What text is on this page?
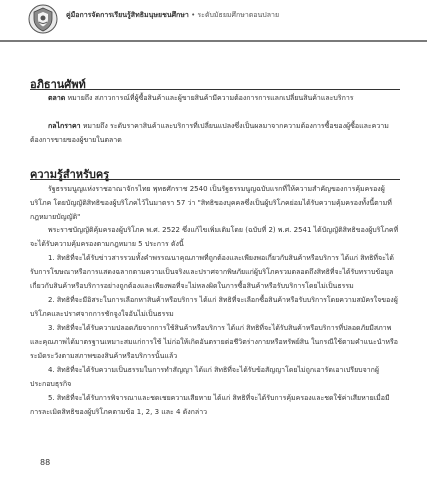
คู่มือการจัดการเรียนรู้สิทธิมนุษยชนศึกษา • ระดับมัธยมศึกษาตอนปลาย
อภิธานศัพท์
ตลาด หมายถึง สภาวการณ์ที่ผู้ซื้อสินค้าและผู้ขายสินค้ามีความต้องการการแลกเปลี่ยนสินค้าและบริการ
กลไกราคา หมายถึง ระดับราคาสินค้าและบริการที่เปลี่ยนแปลงซึ่งเป็นผลมาจากความต้องการซื้อของผู้ซื้อและความต้องการขายของผู้ขายในตลาด
ความรู้สำหรับครู
รัฐธรรมนูญแห่งราชอาณาจักรไทย พุทธศักราช 2540 เป็นรัฐธรรมนูญฉบับแรกที่ให้ความสำคัญของการคุ้มครองผู้บริโภค โดยบัญญัติสิทธิของผู้บริโภคไว้ในมาตรา 57 ว่า "สิทธิของบุคคลซึ่งเป็นผู้บริโภคย่อมได้รับความคุ้มครองทั้งนี้ตามที่กฎหมายบัญญัติ"
พระราชบัญญัติคุ้มครองผู้บริโภค พ.ศ. 2522 ซึ่งแก้ไขเพิ่มเติมโดย (ฉบับที่ 2) พ.ศ. 2541 ได้บัญญัติสิทธิของผู้บริโภคที่จะได้รับความคุ้มครองตามกฎหมาย 5 ประการ ดังนี้
1. สิทธิที่จะได้รับข่าวสารรวมทั้งคำพรรณนาคุณภาพที่ถูกต้องและเพียงพอเกี่ยวกับสินค้าหรือบริการ ได้แก่ สิทธิที่จะได้รับการโฆษณาหรือการแสดงฉลากตามความเป็นจริงและปราศจากพิษภัยแก่ผู้บริโภครวมตลอดถึงสิทธิที่จะได้รับทราบข้อมูลเกี่ยวกับสินค้าหรือบริการอย่างถูกต้องและเพียงพอที่จะไม่หลงผิดในการซื้อสินค้าหรือรับบริการโดยไม่เป็นธรรม
2. สิทธิที่จะมีอิสระในการเลือกหาสินค้าหรือบริการ ได้แก่ สิทธิที่จะเลือกซื้อสินค้าหรือรับบริการโดยความสมัครใจของผู้บริโภคและปราศจากการชักจูงใจอันไม่เป็นธรรม
3. สิทธิที่จะได้รับความปลอดภัยจากการใช้สินค้าหรือบริการ ได้แก่ สิทธิที่จะได้รับสินค้าหรือบริการที่ปลอดภัยมีสภาพและคุณภาพได้มาตรฐานเหมาะสมแก่การใช้ ไม่ก่อให้เกิดอันตรายต่อชีวิตร่างกายหรือทรัพย์สิน ในกรณีใช้ตามคำแนะนำหรือระมัดระวังตามสภาพของสินค้าหรือบริการนั้นแล้ว
4. สิทธิที่จะได้รับความเป็นธรรมในการทำสัญญา ได้แก่ สิทธิที่จะได้รับข้อสัญญาโดยไม่ถูกเอารัดเอาเปรียบจากผู้ประกอบธุรกิจ
5. สิทธิที่จะได้รับการพิจารณาและชดเชยความเสียหาย ได้แก่ สิทธิที่จะได้รับการคุ้มครองและชดใช้ค่าเสียหายเมื่อมีการละเมิดสิทธิของผู้บริโภคตามข้อ 1, 2, 3 และ 4 ดังกล่าว
88
